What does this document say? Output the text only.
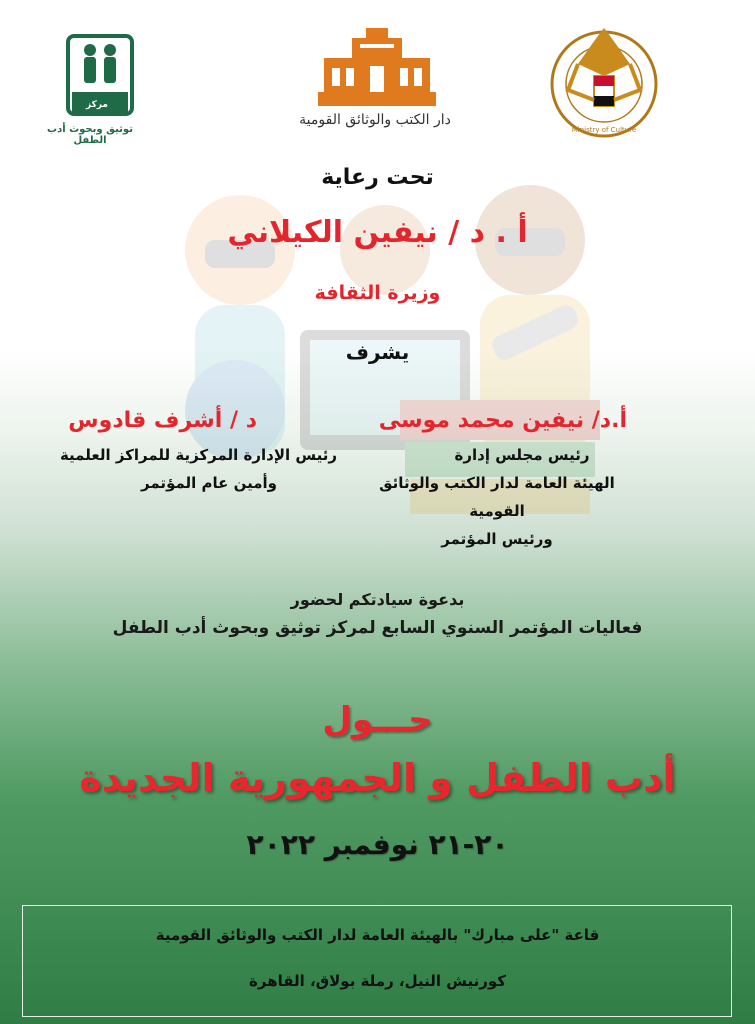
مركز
توثيق وبحوث أدب الطفل
دار الكتب والوثائق القومية
Ministry of Culture
تحت رعاية
أ . د / نيفين الكيلاني
وزيرة الثقافة
يشرف
أ.د/ نيفين محمد موسى
رئيس مجلس إدارة
الهيئة العامة لدار الكتب والوثائق القومية
ورئيس المؤتمر
د / أشرف قادوس
رئيس الإدارة المركزية للمراكز العلمية
وأمين عام المؤتمر
بدعوة سيادتكم لحضور
فعاليات المؤتمر السنوي السابع لمركز توثيق وبحوث أدب الطفل
حـــول
أدب الطفل و الجمهورية الجديدة
٢٠-٢١ نوفمبر ٢٠٢٢
قاعة "على مبارك" بالهيئة العامة لدار الكتب والوثائق القومية
كورنيش النيل، رملة بولاق، القاهرة
